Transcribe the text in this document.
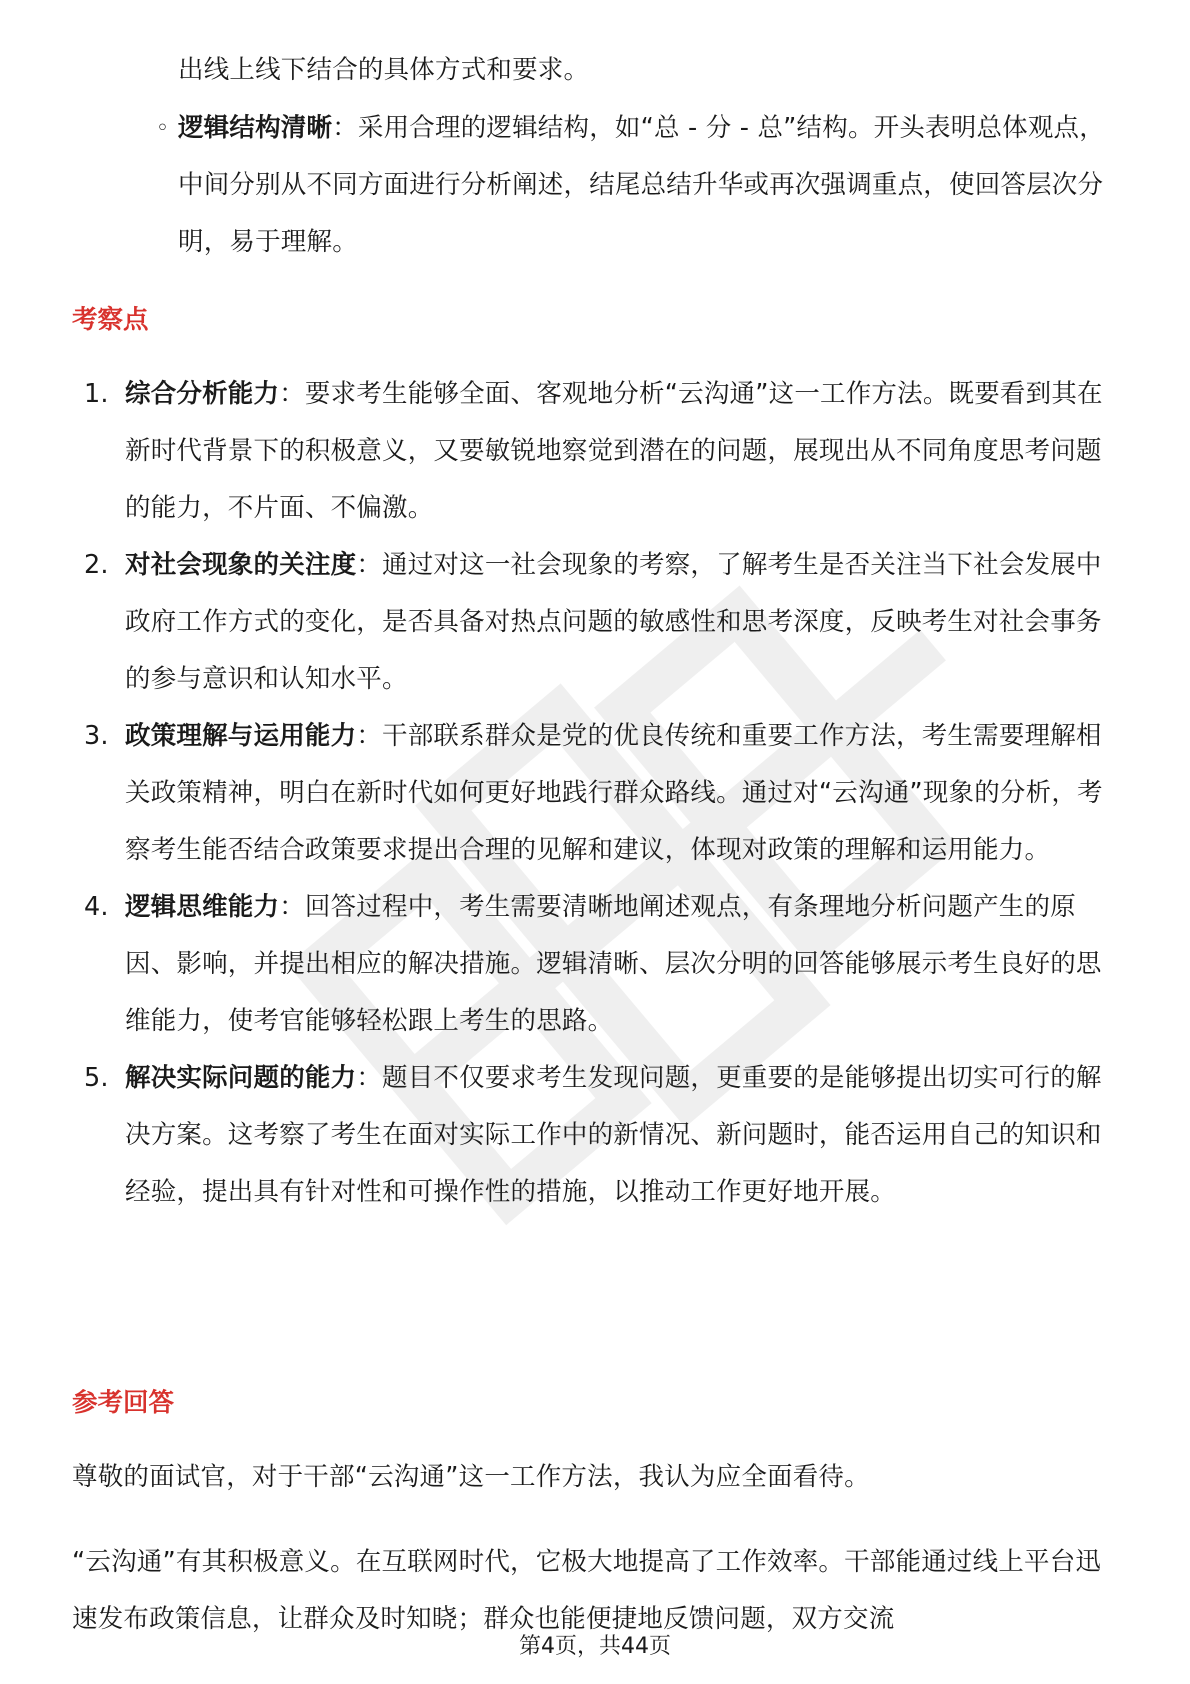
出线上线下结合的具体方式和要求。
◦ 逻辑结构清晰：采用合理的逻辑结构，如“总 - 分 - 总”结构。开头表明总体观点，中间分别从不同方面进行分析阐述，结尾总结升华或再次强调重点，使回答层次分明，易于理解。
考察点
1. 综合分析能力：要求考生能够全面、客观地分析“云沟通”这一工作方法。既要看到其在新时代背景下的积极意义，又要敏锐地察觉到潜在的问题，展现出从不同角度思考问题的能力，不片面、不偏激。
2. 对社会现象的关注度：通过对这一社会现象的考察，了解考生是否关注当下社会发展中政府工作方式的变化，是否具备对热点问题的敏感性和思考深度，反映考生对社会事务的参与意识和认知水平。
3. 政策理解与运用能力：干部联系群众是党的优良传统和重要工作方法，考生需要理解相关政策精神，明白在新时代如何更好地践行群众路线。通过对“云沟通”现象的分析，考察考生能否结合政策要求提出合理的见解和建议，体现对政策的理解和运用能力。
4. 逻辑思维能力：回答过程中，考生需要清晰地阐述观点，有条理地分析问题产生的原因、影响，并提出相应的解决措施。逻辑清晰、层次分明的回答能够展示考生良好的思维能力，使考官能够轻松跟上考生的思路。
5. 解决实际问题的能力：题目不仅要求考生发现问题，更重要的是能够提出切实可行的解决方案。这考察了考生在面对实际工作中的新情况、新问题时，能否运用自己的知识和经验，提出具有针对性和可操作性的措施，以推动工作更好地开展。
参考回答
尊敬的面试官，对于干部“云沟通”这一工作方法，我认为应全面看待。
“云沟通”有其积极意义。在互联网时代，它极大地提高了工作效率。干部能通过线上平台迅速发布政策信息，让群众及时知晓；群众也能便捷地反馈问题，双方交流
第4页，共44页
